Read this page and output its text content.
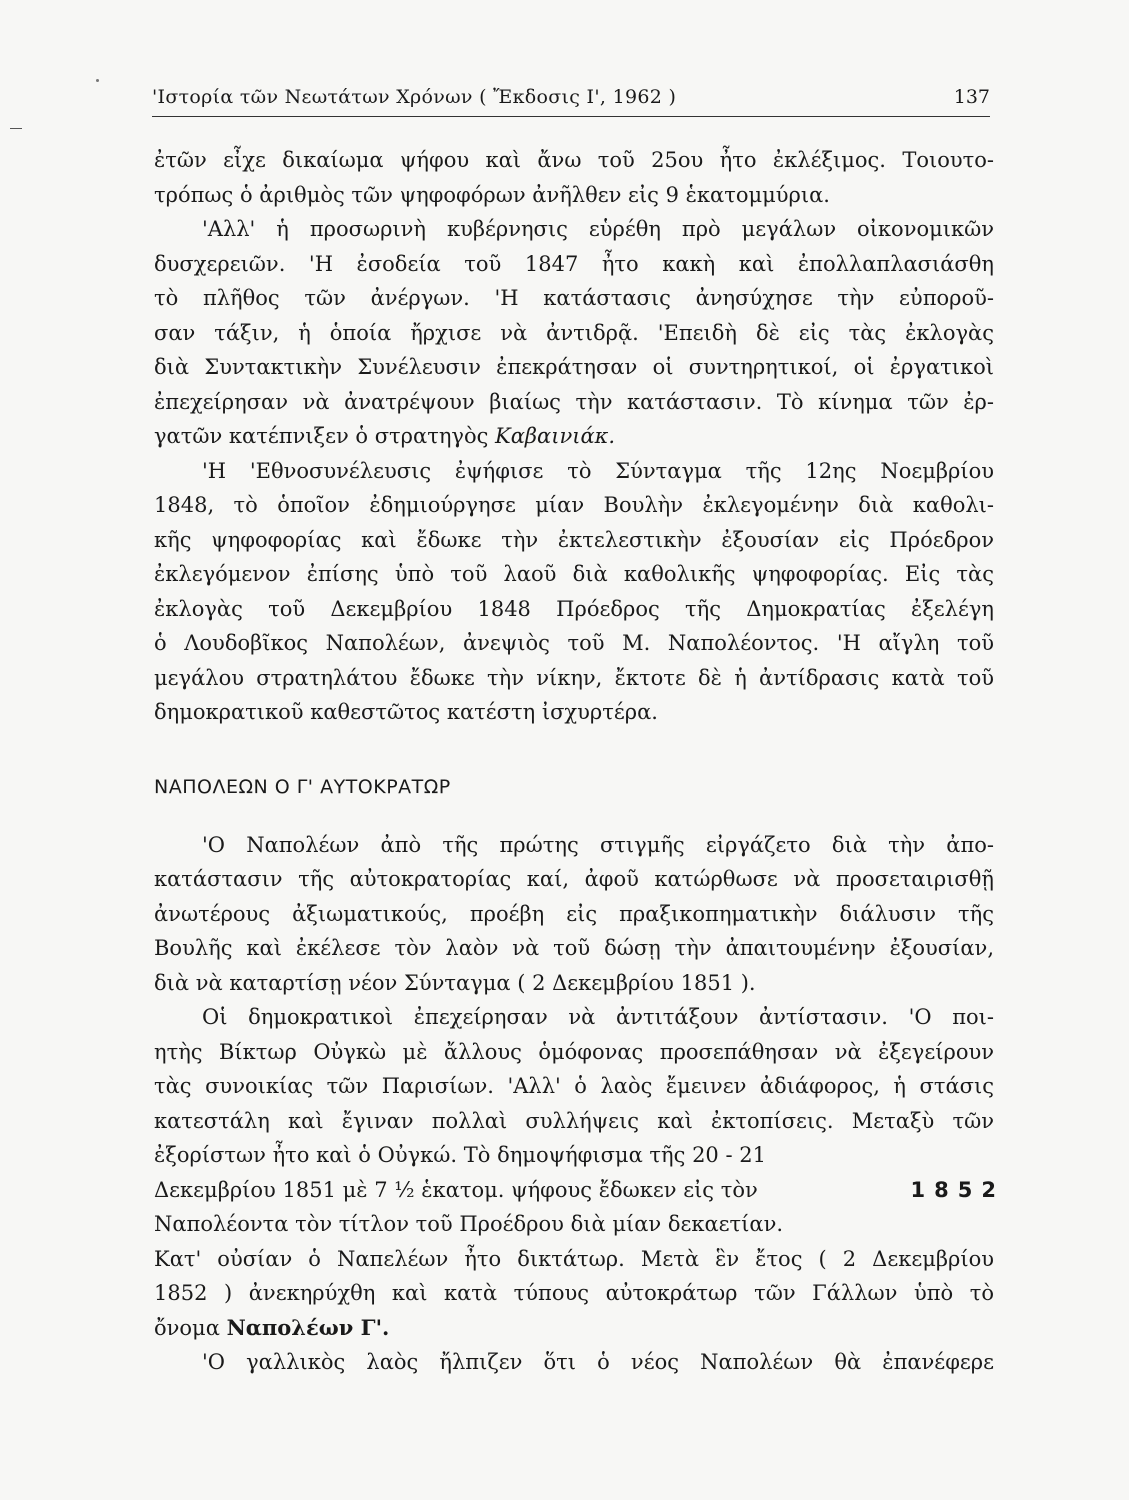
'Ιστορία τῶν Νεωτάτων Χρόνων ( Ἔκδοσις Ι', 1962 )	137
ἐτῶν εἶχε δικαίωμα ψήφου καὶ ἄνω τοῦ 25ου ἦτο ἐκλέξιμος. Τοιουτο-
τρόπως ὁ ἀριθμὸς τῶν ψηφοφόρων ἀνῆλθεν εἰς 9 ἑκατομμύρια.
'Αλλ' ἡ προσωρινὴ κυβέρνησις εὑρέθη πρὸ μεγάλων οἰκονομικῶν
δυσχερειῶν. 'Η ἐσοδεία τοῦ 1847 ἦτο κακὴ καὶ ἐπολλαπλασιάσθη
τὸ πλῆθος τῶν ἀνέργων. 'Η κατάστασις ἀνησύχησε τὴν εὐποροῦ-
σαν τάξιν, ἡ ὁποία ἤρχισε νὰ ἀντιδρᾷ. 'Επειδὴ δὲ εἰς τὰς ἐκλογὰς
διὰ Συντακτικὴν Συνέλευσιν ἐπεκράτησαν οἱ συντηρητικοί, οἱ ἐργατικοὶ
ἐπεχείρησαν νὰ ἀνατρέψουν βιαίως τὴν κατάστασιν. Τὸ κίνημα τῶν ἐρ-
γατῶν κατέπνιξεν ὁ στρατηγὸς Καβαινιάκ.
'Η 'Εθνοσυνέλευσις ἐψήφισε τὸ Σύνταγμα τῆς 12ης Νοεμβρίου
1848, τὸ ὁποῖον ἐδημιούργησε μίαν Βουλὴν ἐκλεγομένην διὰ καθολι-
κῆς ψηφοφορίας καὶ ἔδωκε τὴν ἐκτελεστικὴν ἐξουσίαν εἰς Πρόεδρον
ἐκλεγόμενον ἐπίσης ὑπὸ τοῦ λαοῦ διὰ καθολικῆς ψηφοφορίας. Εἰς τὰς
ἐκλογὰς τοῦ Δεκεμβρίου 1848 Πρόεδρος τῆς Δημοκρατίας ἐξελέγη
ὁ Λουδοβῖκος Ναπολέων, ἀνεψιὸς τοῦ Μ. Ναπολέοντος. 'Η αἴγλη τοῦ
μεγάλου στρατηλάτου ἔδωκε τὴν νίκην, ἔκτοτε δὲ ἡ ἀντίδρασις κατὰ τοῦ
δημοκρατικοῦ καθεστῶτος κατέστη ἰσχυρτέρα.
ΝΑΠΟΛΕΩΝ Ο Γ' ΑΥΤΟΚΡΑΤΩΡ
'Ο Ναπολέων ἀπὸ τῆς πρώτης στιγμῆς εἰργάζετο διὰ τὴν ἀπο-
κατάστασιν τῆς αὐτοκρατορίας καί, ἀφοῦ κατώρθωσε νὰ προσεταιρισθῇ
ἀνωτέρους ἀξιωματικούς, προέβη εἰς πραξικοπηματικὴν διάλυσιν τῆς
Βουλῆς καὶ ἐκέλεσε τὸν λαὸν νὰ τοῦ δώσῃ τὴν ἀπαιτουμένην ἐξουσίαν,
διὰ νὰ καταρτίσῃ νέον Σύνταγμα ( 2 Δεκεμβρίου 1851 ).
Οἱ δημοκρατικοὶ ἐπεχείρησαν νὰ ἀντιτάξουν ἀντίστασιν. 'Ο ποι-
ητὴς Βίκτωρ Οὐγκὼ μὲ ἄλλους ὁμόφονας προσεπάθησαν νὰ ἐξεγείρουν
τὰς συνοικίας τῶν Παρισίων. 'Αλλ' ὁ λαὸς ἔμεινεν ἀδιάφορος, ἡ στάσις
κατεστάλη καὶ ἔγιναν πολλαὶ συλλήψεις καὶ ἐκτοπίσεις. Μεταξὺ τῶν
ἐξορίστων ἦτο καὶ ὁ Οὐγκώ. Τὸ δημοψήφισμα τῆς 20 - 21
Δεκεμβρίου 1851 μὲ 7 ½ ἑκατομ. ψήφους ἔδωκεν εἰς τὸν	1852
Ναπολέοντα τὸν τίτλον τοῦ Προέδρου διὰ μίαν δεκαετίαν.
Κατ' οὐσίαν ὁ Ναπελέων ἦτο δικτάτωρ. Μετὰ ἓν ἔτος ( 2 Δεκεμβρίου
1852 ) ἀνεκηρύχθη καὶ κατὰ τύπους αὐτοκράτωρ τῶν Γάλλων ὑπὸ τὸ
ὄνομα Ναπολέων Γ'.
'Ο γαλλικὸς λαὸς ἤλπιζεν ὅτι ὁ νέος Ναπολέων θὰ ἐπανέφερε
